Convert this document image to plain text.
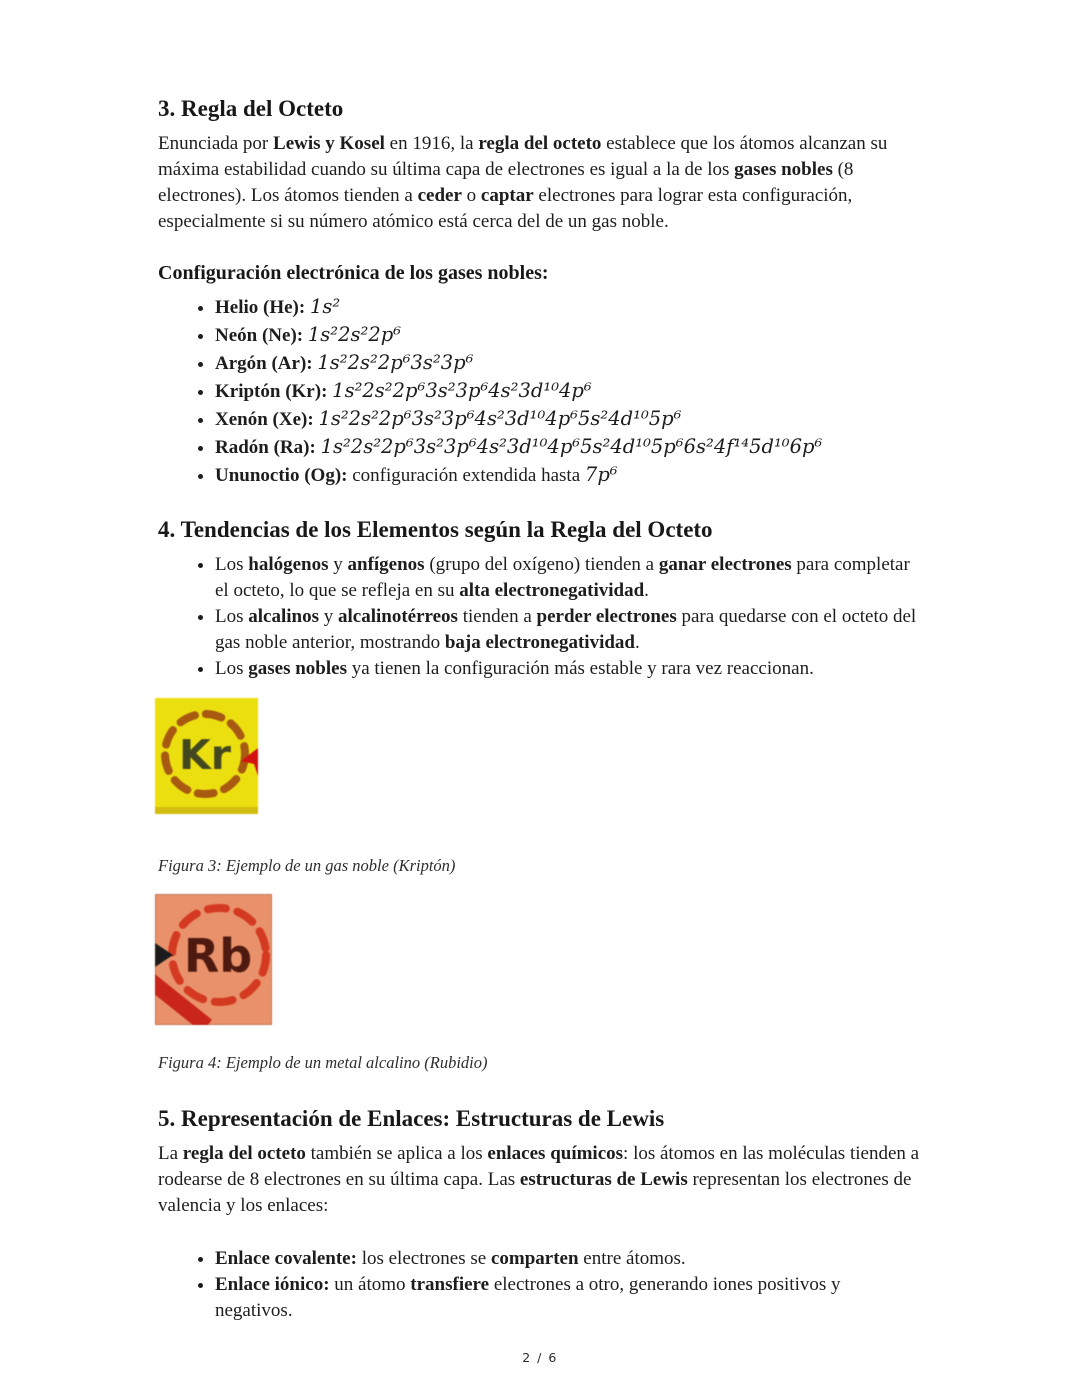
3. Regla del Octeto

Enunciada por Lewis y Kosel en 1916, la regla del octeto establece que los átomos alcanzan su máxima estabilidad cuando su última capa de electrones es igual a la de los gases nobles (8 electrones). Los átomos tienden a ceder o captar electrones para lograr esta configuración, especialmente si su número atómico está cerca del de un gas noble.

Configuración electrónica de los gases nobles:
• Helio (He): 1s²
• Neón (Ne): 1s²2s²2p⁶
• Argón (Ar): 1s²2s²2p⁶3s²3p⁶
• Kriptón (Kr): 1s²2s²2p⁶3s²3p⁶4s²3d¹⁰4p⁶
• Xenón (Xe): 1s²2s²2p⁶3s²3p⁶4s²3d¹⁰4p⁶5s²4d¹⁰5p⁶
• Radón (Ra): 1s²2s²2p⁶3s²3p⁶4s²3d¹⁰4p⁶5s²4d¹⁰5p⁶6s²4f¹⁴5d¹⁰6p⁶
• Ununoctio (Og): configuración extendida hasta 7p⁶
4. Tendencias de los Elementos según la Regla del Octeto
• Los halógenos y anfígenos (grupo del oxígeno) tienden a ganar electrones para completar el octeto, lo que se refleja en su alta electronegatividad.
• Los alcalinos y alcalinotérreos tienden a perder electrones para quedarse con el octeto del gas noble anterior, mostrando baja electronegatividad.
• Los gases nobles ya tienen la configuración más estable y rara vez reaccionan.
Kr
Figura 3: Ejemplo de un gas noble (Kriptón)
Rb
Figura 4: Ejemplo de un metal alcalino (Rubidio)
5. Representación de Enlaces: Estructuras de Lewis

La regla del octeto también se aplica a los enlaces químicos: los átomos en las moléculas tienden a rodearse de 8 electrones en su última capa. Las estructuras de Lewis representan los electrones de valencia y los enlaces:

• Enlace covalente: los electrones se comparten entre átomos.
• Enlace iónico: un átomo transfiere electrones a otro, generando iones positivos y negativos.
2 / 6
